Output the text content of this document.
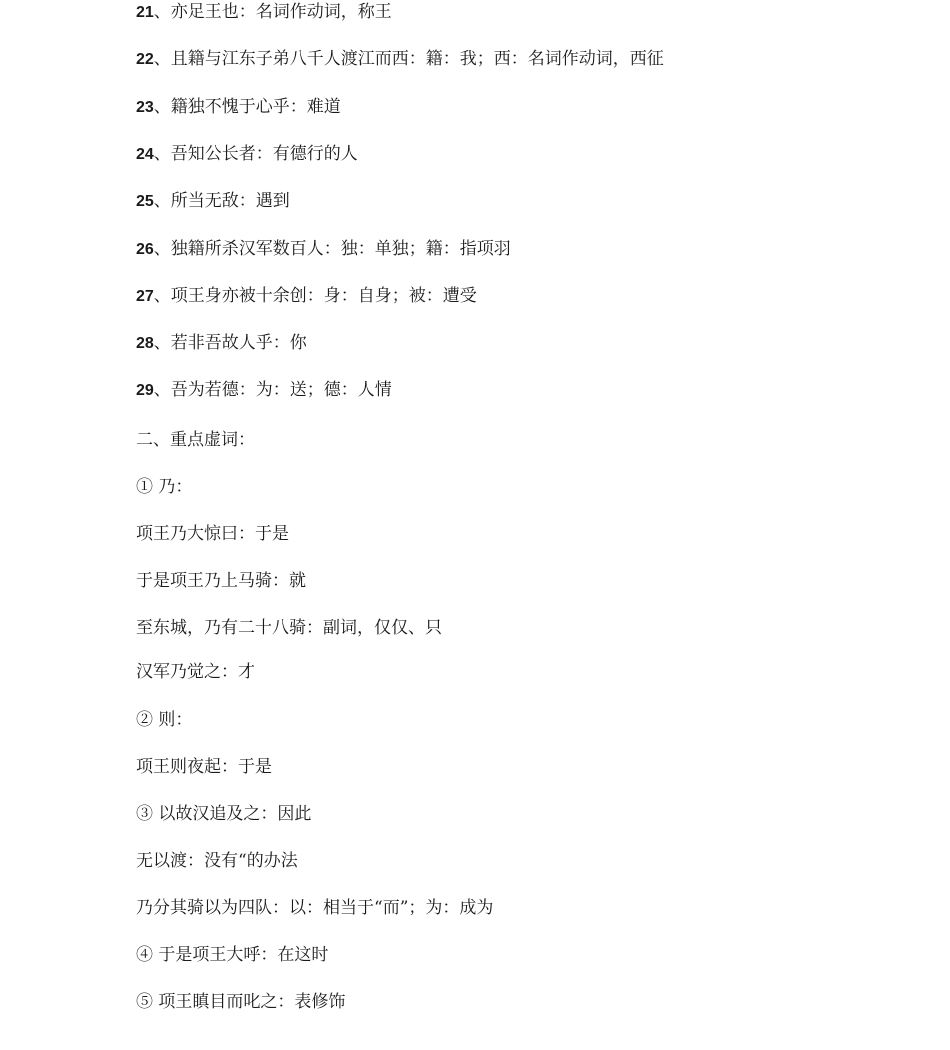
21、亦足王也：名词作动词，称王
22、且籍与江东子弟八千人渡江而西：籍：我；西：名词作动词，西征
23、籍独不愧于心乎：难道
24、吾知公长者：有德行的人
25、所当无敌：遇到
26、独籍所杀汉军数百人：独：单独；籍：指项羽
27、项王身亦被十余创：身：自身；被：遭受
28、若非吾故人乎：你
29、吾为若德：为：送；德：人情
二、重点虚词：
① 乃：
项王乃大惊曰：于是
于是项王乃上马骑：就
至东城，乃有二十八骑：副词，仅仅、只
汉军乃觉之：才
② 则：
项王则夜起：于是
③ 以故汉追及之：因此
无以渡：没有“的办法
乃分其骑以为四队：以：相当于“而”；为：成为
④ 于是项王大呼：在这时
⑤ 项王瞋目而叱之：表修饰
